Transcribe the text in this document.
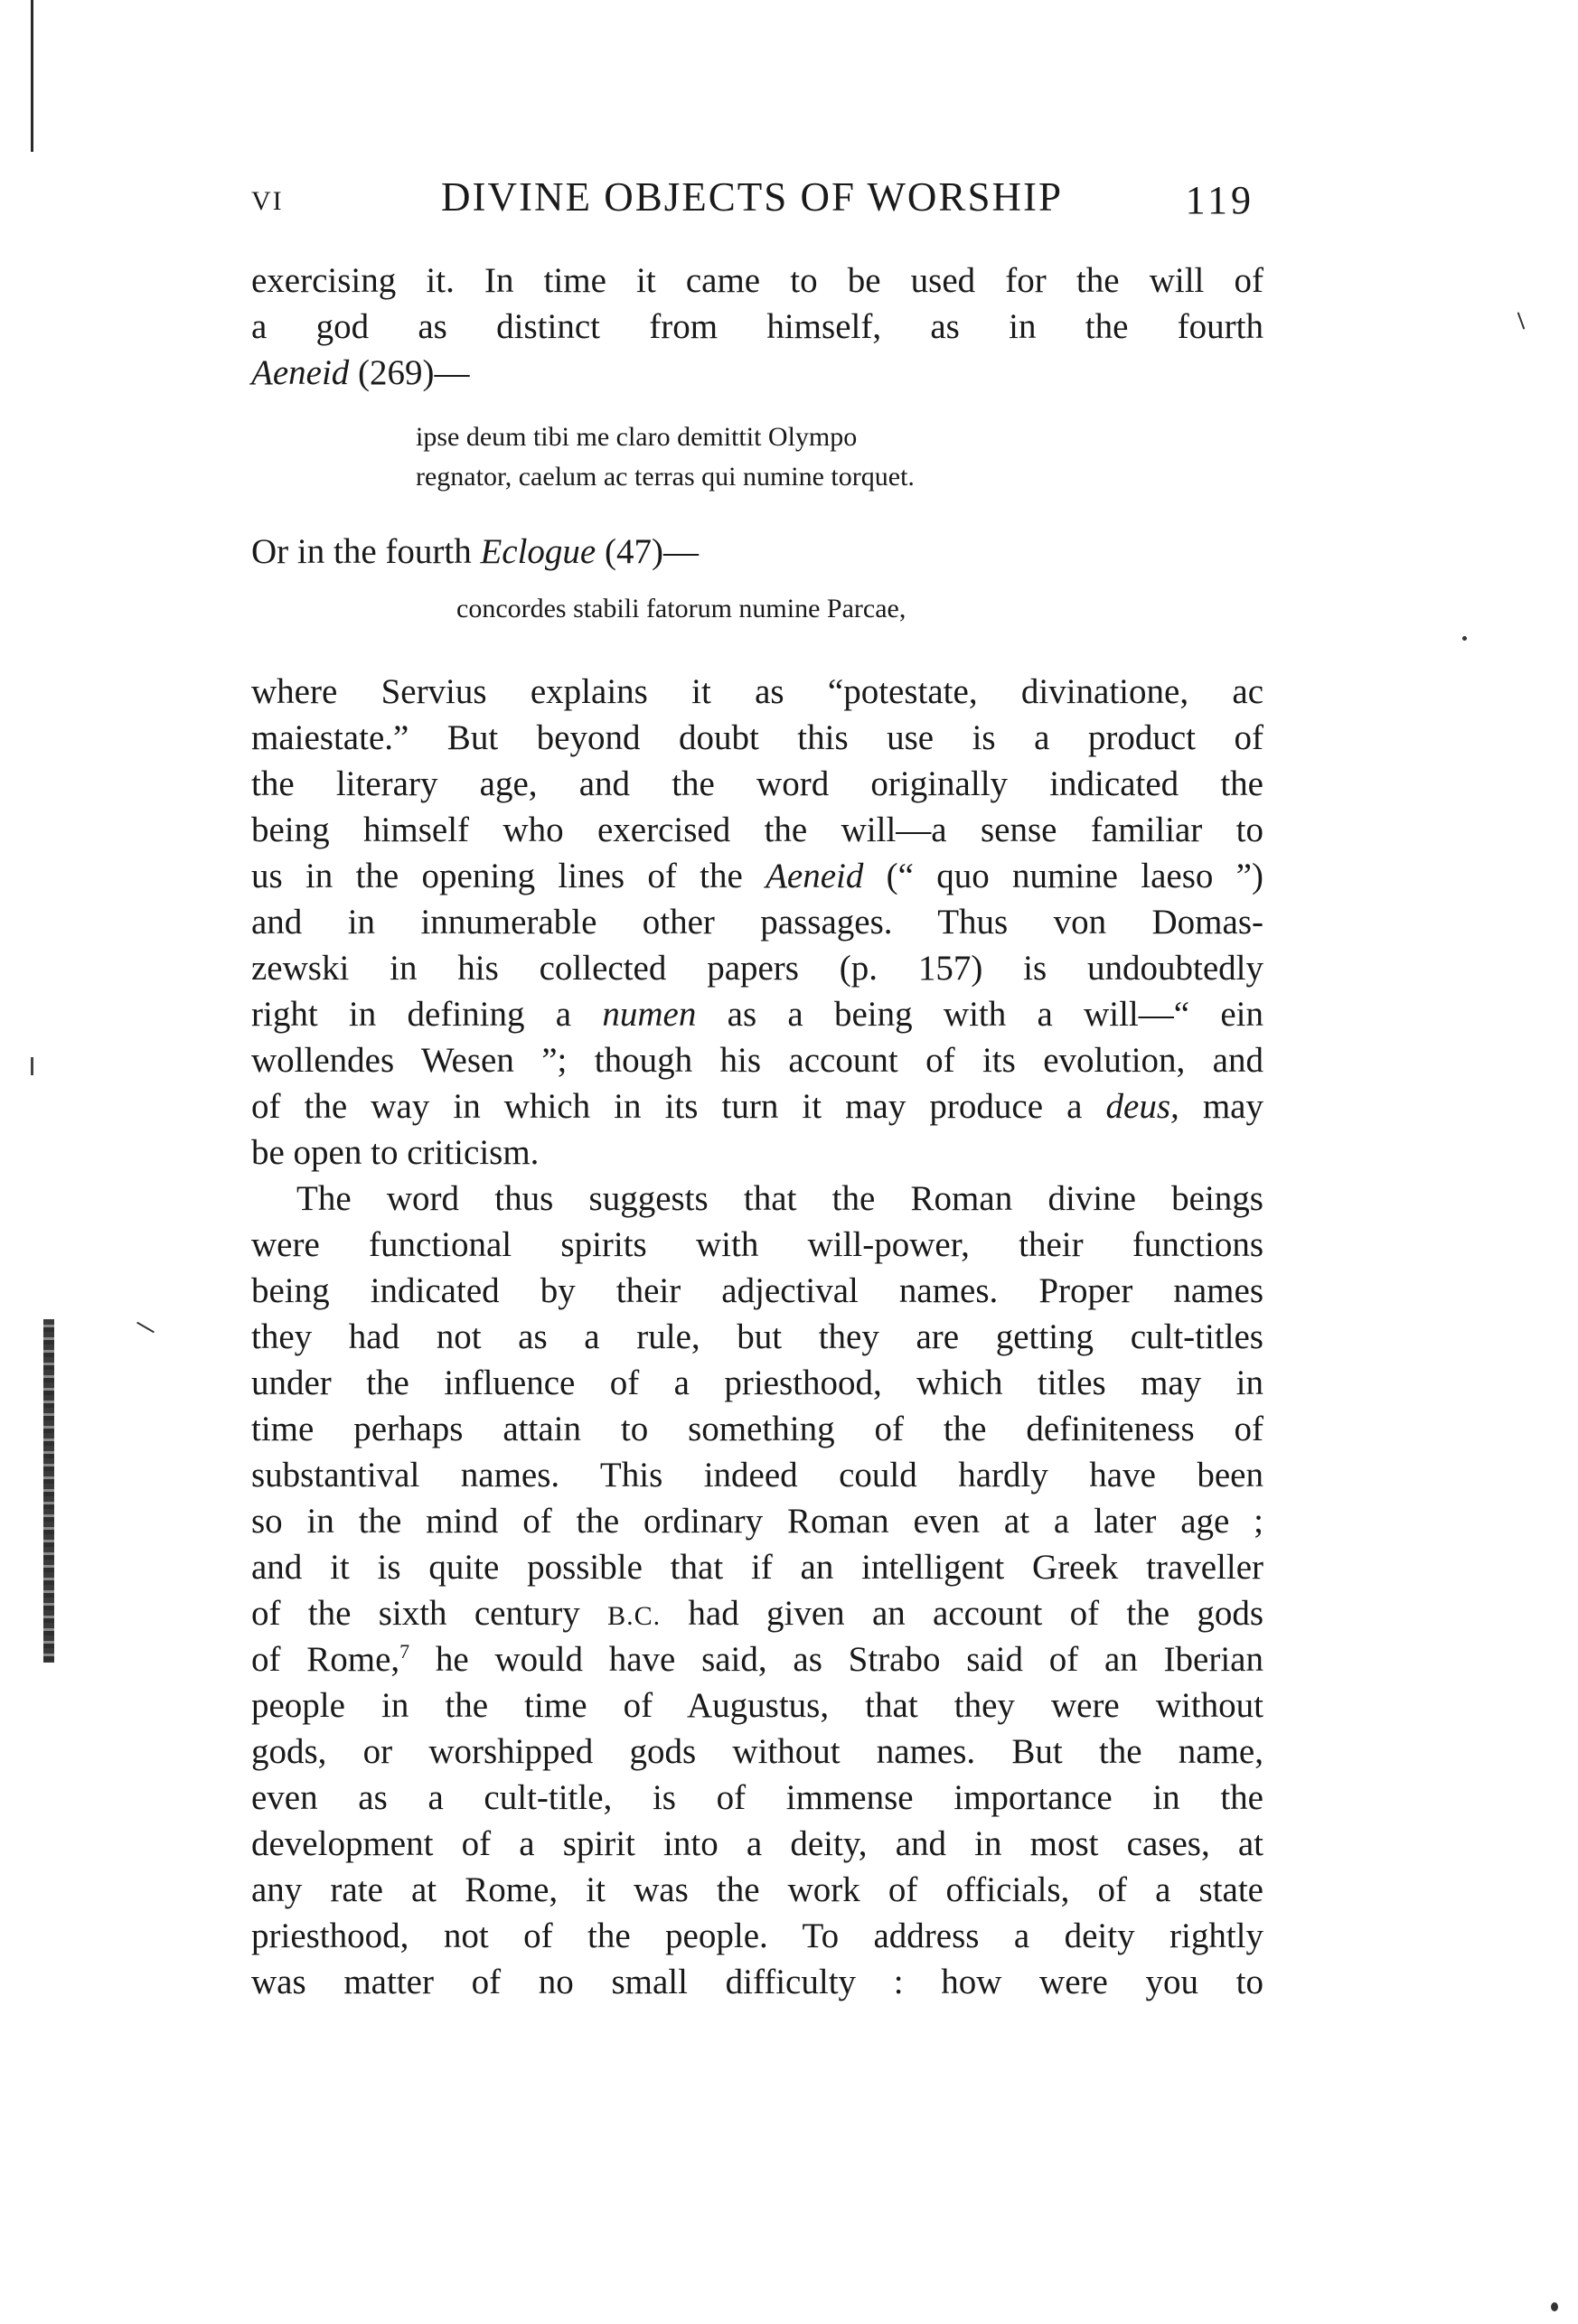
VI	DIVINE OBJECTS OF WORSHIP	119
exercising it. In time it came to be used for the will of
a god as distinct from himself, as in the fourth
Aeneid (269)—
ipse deum tibi me claro demittit Olympo
regnator, caelum ac terras qui numine torquet.
Or in the fourth Eclogue (47)—
concordes stabili fatorum numine Parcae,
where Servius explains it as “potestate, divinatione, ac
maiestate.” But beyond doubt this use is a product of
the literary age, and the word originally indicated the
being himself who exercised the will—a sense familiar to
us in the opening lines of the Aeneid (“ quo numine laeso ”)
and in innumerable other passages. Thus von Domas-
zewski in his collected papers (p. 157) is undoubtedly
right in defining a numen as a being with a will—“ ein
wollendes Wesen ”; though his account of its evolution, and
of the way in which in its turn it may produce a deus, may
be open to criticism.
The word thus suggests that the Roman divine beings
were functional spirits with will-power, their functions
being indicated by their adjectival names. Proper names
they had not as a rule, but they are getting cult-titles
under the influence of a priesthood, which titles may in
time perhaps attain to something of the definiteness of
substantival names. This indeed could hardly have been
so in the mind of the ordinary Roman even at a later age ;
and it is quite possible that if an intelligent Greek traveller
of the sixth century B.C. had given an account of the gods
of Rome,$^7$ he would have said, as Strabo said of an Iberian
people in the time of Augustus, that they were without
gods, or worshipped gods without names. But the name,
even as a cult-title, is of immense importance in the
development of a spirit into a deity, and in most cases, at
any rate at Rome, it was the work of officials, of a state
priesthood, not of the people. To address a deity rightly
was matter of no small difficulty : how were you to
